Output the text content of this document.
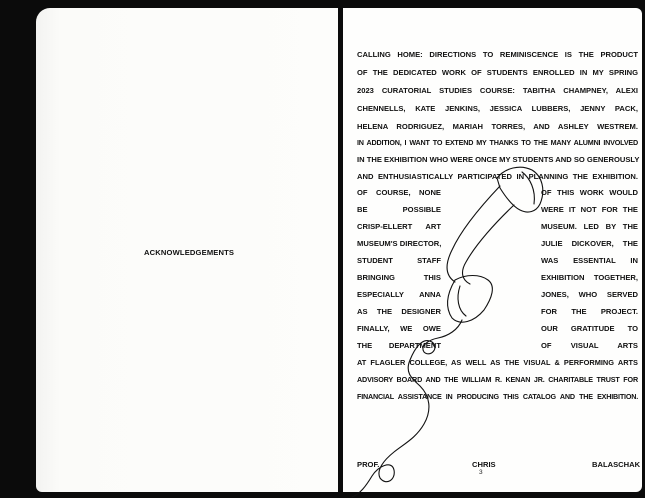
ACKNOWLEDGEMENTS
CALLING HOME: DIRECTIONS TO REMINISCENCE IS THE PRODUCT
OF THE DEDICATED WORK OF STUDENTS ENROLLED IN MY SPRING
2023 CURATORIAL STUDIES COURSE: TABITHA CHAMPNEY, ALEXI
CHENNELLS, KATE JENKINS, JESSICA LUBBERS, JENNY PACK,
HELENA RODRIGUEZ, MARIAH TORRES, AND ASHLEY WESTREM.
IN ADDITION, I WANT TO EXTEND MY THANKS TO THE MANY ALUMNI INVOLVED
IN THE EXHIBITION WHO WERE ONCE MY STUDENTS AND SO GENEROUSLY
AND ENTHUSIASTICALLY PARTICIPATED IN PLANNING THE EXHIBITION.
OF COURSE, NONE
BE POSSIBLE
CRISP-ELLERT ART
MUSEUM'S DIRECTOR,
STUDENT STAFF
BRINGING THIS
ESPECIALLY ANNA
AS THE DESIGNER
FINALLY, WE OWE
THE DEPARTMENT
OF THIS WORK WOULD
WERE IT NOT FOR THE
MUSEUM. LED BY THE
JULIE DICKOVER, THE
WAS ESSENTIAL IN
EXHIBITION TOGETHER,
JONES, WHO SERVED
FOR THE PROJECT.
OUR GRATITUDE TO
OF VISUAL ARTS
AT FLAGLER COLLEGE, AS WELL AS THE VISUAL & PERFORMING ARTS
ADVISORY BOARD AND THE WILLIAM R. KENAN JR. CHARITABLE TRUST FOR
FINANCIAL ASSISTANCE IN PRODUCING THIS CATALOG AND THE EXHIBITION.
PROF.	CHRIS	BALASCHAK
3
